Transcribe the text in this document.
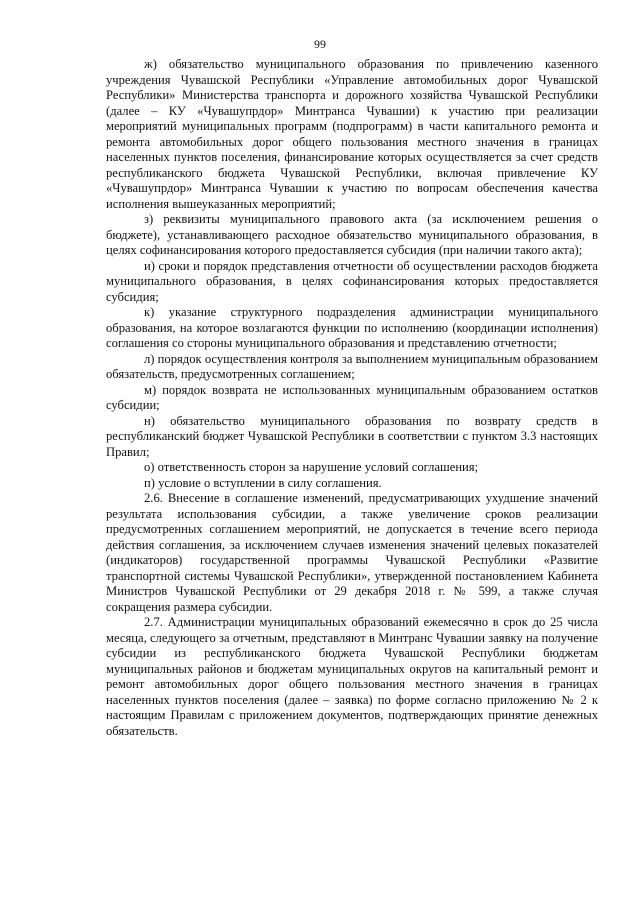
99

ж) обязательство муниципального образования по привлечению казенного учреждения Чувашской Республики «Управление автомобильных дорог Чувашской Республики» Министерства транспорта и дорожного хозяйства Чувашской Республики (далее – КУ «Чувашупрдор» Минтранса Чувашии) к участию при реализации мероприятий муниципальных программ (подпрограмм) в части капитального ремонта и ремонта автомобильных дорог общего пользования местного значения в границах населенных пунктов поселения, финансирование которых осуществляется за счет средств республиканского бюджета Чувашской Республики, включая привлечение КУ «Чувашупрдор» Минтранса Чувашии к участию по вопросам обеспечения качества исполнения вышеуказанных мероприятий;

з) реквизиты муниципального правового акта (за исключением решения о бюджете), устанавливающего расходное обязательство муниципального образования, в целях софинансирования которого предоставляется субсидия (при наличии такого акта);

и) сроки и порядок представления отчетности об осуществлении расходов бюджета муниципального образования, в целях софинансирования которых предоставляется субсидия;

к) указание структурного подразделения администрации муниципального образования, на которое возлагаются функции по исполнению (координации исполнения) соглашения со стороны муниципального образования и представлению отчетности;

л) порядок осуществления контроля за выполнением муниципальным образованием обязательств, предусмотренных соглашением;

м) порядок возврата не использованных муниципальным образованием остатков субсидии;

н) обязательство муниципального образования по возврату средств в республиканский бюджет Чувашской Республики в соответствии с пунктом 3.3 настоящих Правил;

о) ответственность сторон за нарушение условий соглашения;

п) условие о вступлении в силу соглашения.

2.6. Внесение в соглашение изменений, предусматривающих ухудшение значений результата использования субсидии, а также увеличение сроков реализации предусмотренных соглашением мероприятий, не допускается в течение всего периода действия соглашения, за исключением случаев изменения значений целевых показателей (индикаторов) государственной программы Чувашской Республики «Развитие транспортной системы Чувашской Республики», утвержденной постановлением Кабинета Министров Чувашской Республики от 29 декабря 2018 г. № 599, а также случая сокращения размера субсидии.

2.7. Администрации муниципальных образований ежемесячно в срок до 25 числа месяца, следующего за отчетным, представляют в Минтранс Чувашии заявку на получение субсидии из республиканского бюджета Чувашской Республики бюджетам муниципальных районов и бюджетам муниципальных округов на капитальный ремонт и ремонт автомобильных дорог общего пользования местного значения в границах населенных пунктов поселения (далее – заявка) по форме согласно приложению № 2 к настоящим Правилам с приложением документов, подтверждающих принятие денежных обязательств.
